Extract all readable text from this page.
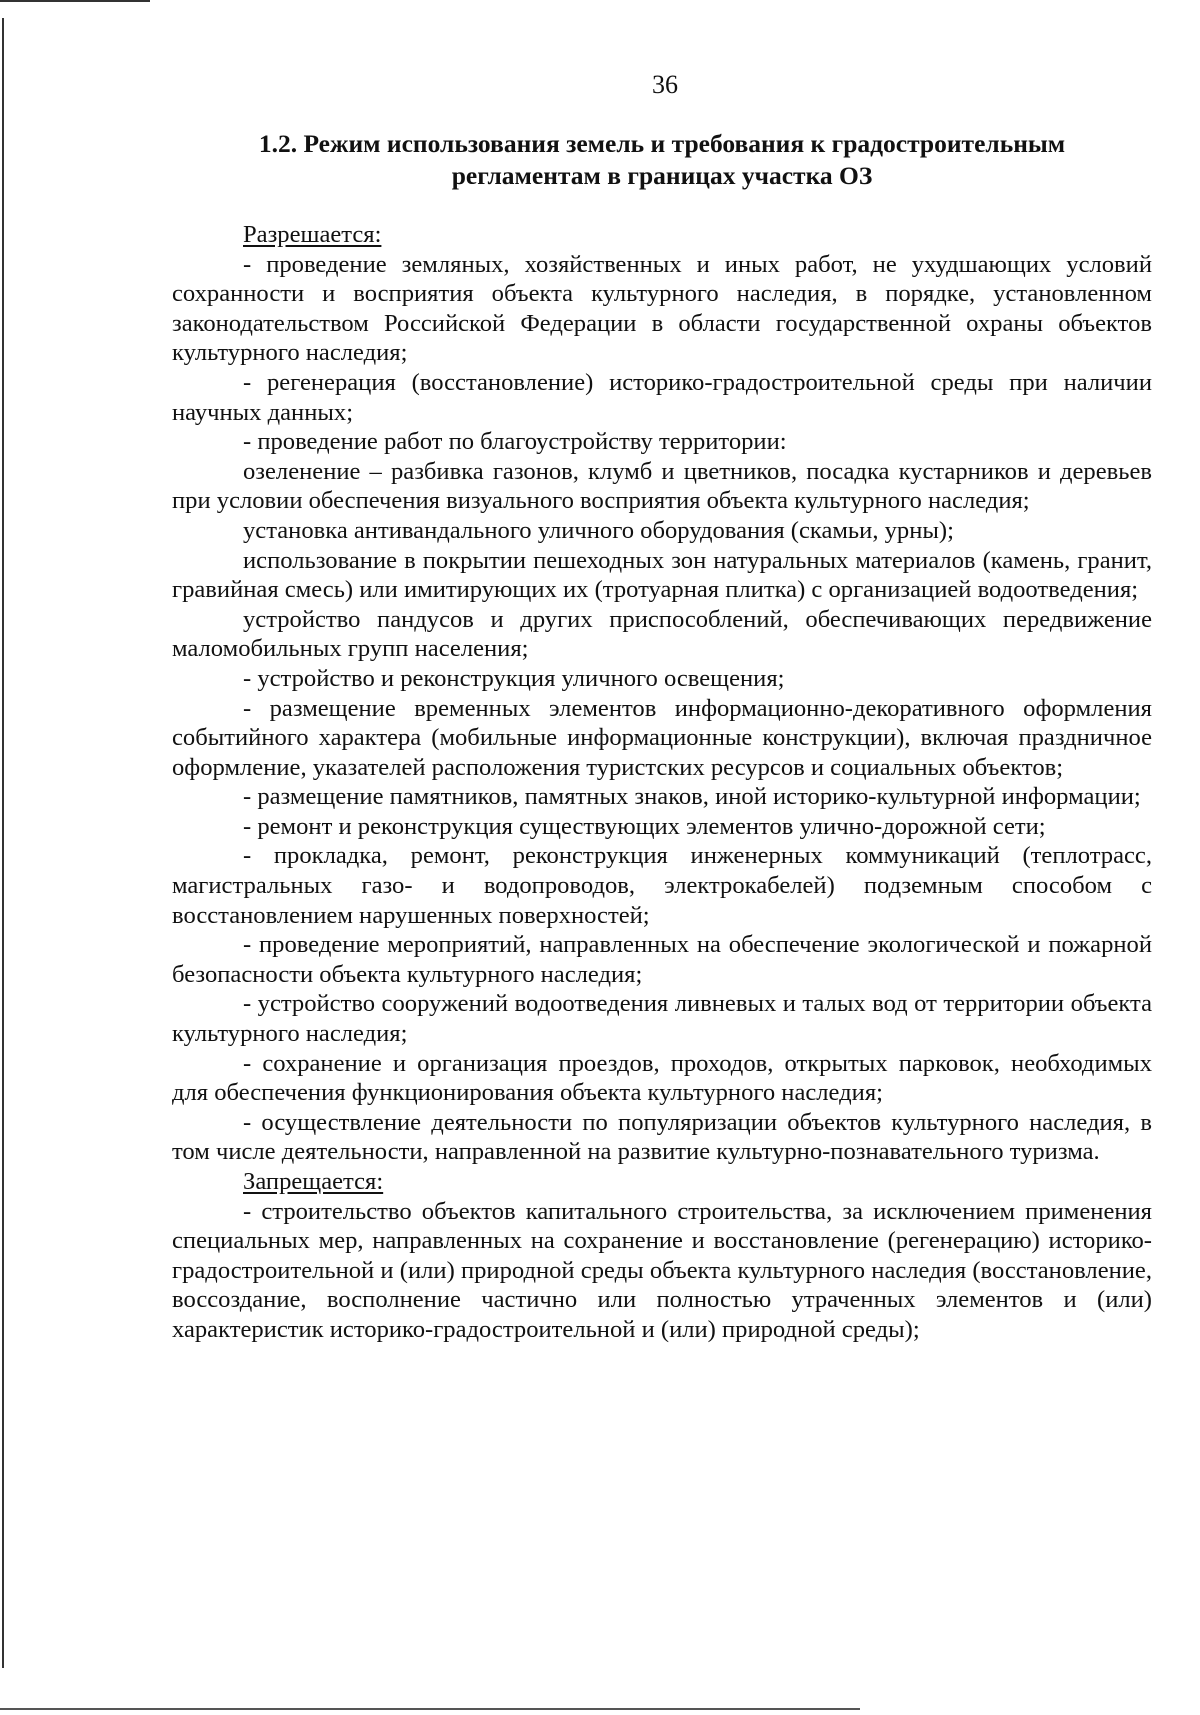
36
1.2. Режим использования земель и требования к градостроительным
регламентам в границах участка ОЗ

Разрешается:

- проведение земляных, хозяйственных и иных работ, не ухудшающих условий сохранности и восприятия объекта культурного наследия, в порядке, установленном законодательством Российской Федерации в области государственной охраны объектов культурного наследия;

- регенерация (восстановление) историко-градостроительной среды при наличии научных данных;

- проведение работ по благоустройству территории:

озеленение – разбивка газонов, клумб и цветников, посадка кустарников и деревьев при условии обеспечения визуального восприятия объекта культурного наследия;

установка антивандального уличного оборудования (скамьи, урны);

использование в покрытии пешеходных зон натуральных материалов (камень, гранит, гравийная смесь) или имитирующих их (тротуарная плитка) с организацией водоотведения;

устройство пандусов и других приспособлений, обеспечивающих передвижение маломобильных групп населения;

- устройство и реконструкция уличного освещения;

- размещение временных элементов информационно-декоративного оформления событийного характера (мобильные информационные конструкции), включая праздничное оформление, указателей расположения туристских ресурсов и социальных объектов;

- размещение памятников, памятных знаков, иной историко-культурной информации;

- ремонт и реконструкция существующих элементов улично-дорожной сети;

- прокладка, ремонт, реконструкция инженерных коммуникаций (теплотрасс, магистральных газо- и водопроводов, электрокабелей) подземным способом с восстановлением нарушенных поверхностей;

- проведение мероприятий, направленных на обеспечение экологической и пожарной безопасности объекта культурного наследия;

- устройство сооружений водоотведения ливневых и талых вод от территории объекта культурного наследия;

- сохранение и организация проездов, проходов, открытых парковок, необходимых для обеспечения функционирования объекта культурного наследия;

- осуществление деятельности по популяризации объектов культурного наследия, в том числе деятельности, направленной на развитие культурно-познавательного туризма.

Запрещается:

- строительство объектов капитального строительства, за исключением применения специальных мер, направленных на сохранение и восстановление (регенерацию) историко-градостроительной и (или) природной среды объекта культурного наследия (восстановление, воссоздание, восполнение частично или полностью утраченных элементов и (или) характеристик историко-градостроительной и (или) природной среды);
